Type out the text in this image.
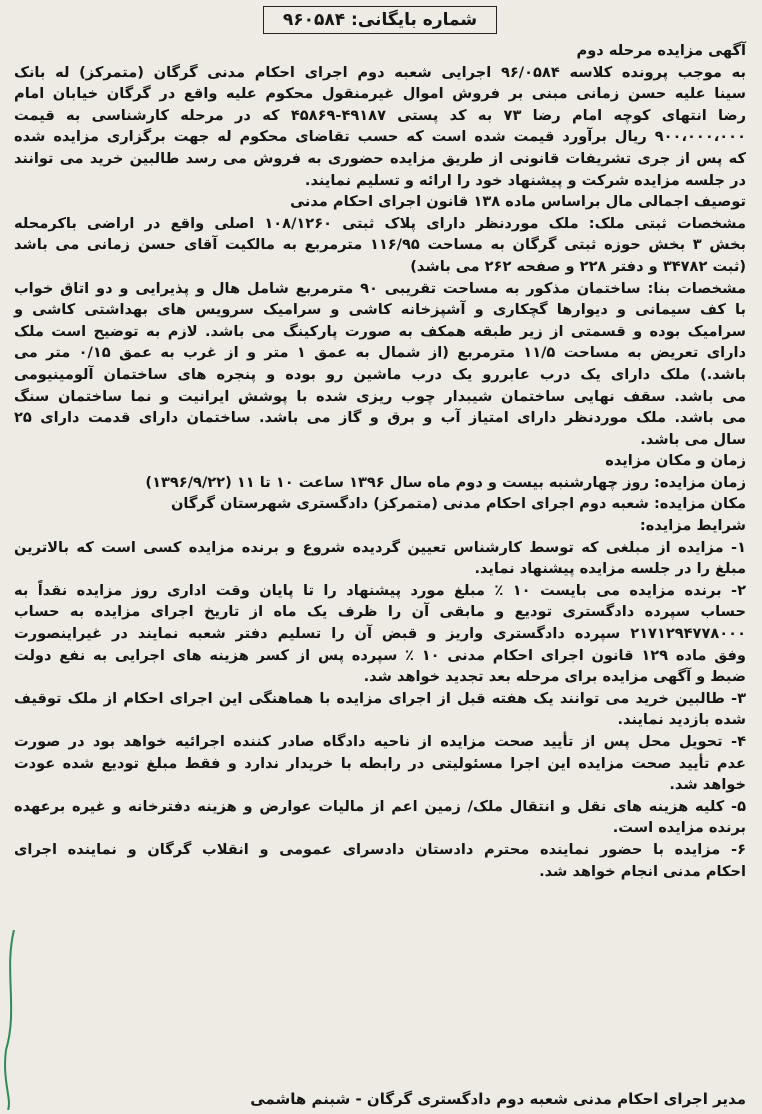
شماره بایگانی: ۹۶۰۵۸۴
آگهی مزایده مرحله دوم
به موجب پرونده کلاسه ۹۶/۰۵۸۴ اجرایی شعبه دوم اجرای احکام مدنی گرگان (متمرکز) له بانک
سینا علیه حسن زمانی مبنی بر فروش اموال غیرمنقول محکوم علیه واقع در گرگان خیابان امام
رضا انتهای کوچه امام رضا ۷۳ به کد پستی ۴۹۱۸۷-۴۵۸۶۹ که در مرحله کارشناسی به قیمت
۹۰۰،۰۰۰،۰۰۰ ریال برآورد قیمت شده است که حسب تقاضای محکوم له جهت برگزاری مزایده شده
که پس از جری تشریفات قانونی از طریق مزایده حضوری به فروش می رسد طالبین خرید می توانند
در جلسه مزایده شرکت و پیشنهاد خود را ارائه و تسلیم نمایند.
توصیف اجمالی مال براساس ماده ۱۳۸ قانون اجرای احکام مدنی
مشخصات ثبتی ملک: ملک موردنظر دارای پلاک ثبتی ۱۰۸/۱۲۶۰ اصلی واقع در اراضی باکرمحله
بخش ۳ بخش حوزه ثبتی گرگان به مساحت ۱۱۶/۹۵ مترمربع به مالکیت آقای حسن زمانی می باشد
(ثبت ۳۴۷۸۲ و دفتر ۲۲۸ و صفحه ۲۶۲ می باشد)
مشخصات بنا: ساختمان مذکور به مساحت تقریبی ۹۰ مترمربع شامل هال و پذیرایی و دو اتاق خواب
با کف سیمانی و دیوارها گچکاری و آشپزخانه کاشی و سرامیک سرویس های بهداشتی کاشی و
سرامیک بوده و قسمتی از زیر طبقه همکف به صورت پارکینگ می باشد. لازم به توضیح است ملک
دارای تعریض به مساحت ۱۱/۵ مترمربع (از شمال به عمق ۱ متر و از غرب به عمق ۰/۱۵ متر می
باشد.) ملک دارای یک درب عابررو یک درب ماشین رو بوده و پنجره های ساختمان آلومینیومی
می باشد. سقف نهایی ساختمان شیبدار چوب ریزی شده با پوشش ایرانیت و نما ساختمان سنگ
می باشد. ملک موردنظر دارای امتیاز آب و برق و گاز می باشد. ساختمان دارای قدمت دارای ۲۵
سال می باشد.
زمان و مکان مزایده
زمان مزایده: روز چهارشنبه بیست و دوم ماه سال ۱۳۹۶ ساعت ۱۰ تا ۱۱ (۱۳۹۶/۹/۲۲)
مکان مزایده: شعبه دوم اجرای احکام مدنی (متمرکز) دادگستری شهرستان گرگان
شرایط مزایده:
۱- مزایده از مبلغی که توسط کارشناس تعیین گردیده شروع و برنده مزایده کسی است که بالاترین
مبلغ را در جلسه مزایده پیشنهاد نماید.
۲- برنده مزایده می بایست ۱۰ ٪ مبلغ مورد پیشنهاد را تا پایان وقت اداری روز مزایده نقداً به
حساب سپرده دادگستری تودیع و مابقی آن را ظرف یک ماه از تاریخ اجرای مزایده به حساب
۲۱۷۱۲۹۴۷۷۸۰۰۰ سپرده دادگستری واریز و قبض آن را تسلیم دفتر شعبه نمایند در غیراینصورت
وفق ماده ۱۲۹ قانون اجرای احکام مدنی ۱۰ ٪ سپرده پس از کسر هزینه های اجرایی به نفع دولت
ضبط و آگهی مزایده برای مرحله بعد تجدید خواهد شد.
۳- طالبین خرید می توانند یک هفته قبل از اجرای مزایده با هماهنگی این اجرای احکام از ملک توقیف
شده بازدید نمایند.
۴- تحویل محل پس از تأیید صحت مزایده از ناحیه دادگاه صادر کننده اجرائیه خواهد بود در صورت
عدم تأیید صحت مزایده این اجرا مسئولیتی در رابطه با خریدار ندارد و فقط مبلغ تودیع شده عودت
خواهد شد.
۵- کلیه هزینه های نقل و انتقال ملک/ زمین اعم از مالیات عوارض و هزینه دفترخانه و غیره برعهده
برنده مزایده است.
۶- مزایده با حضور نماینده محترم دادستان دادسرای عمومی و انقلاب گرگان و نماینده اجرای
احکام مدنی انجام خواهد شد.
مدیر اجرای احکام مدنی شعبه دوم دادگستری گرگان - شبنم هاشمی
